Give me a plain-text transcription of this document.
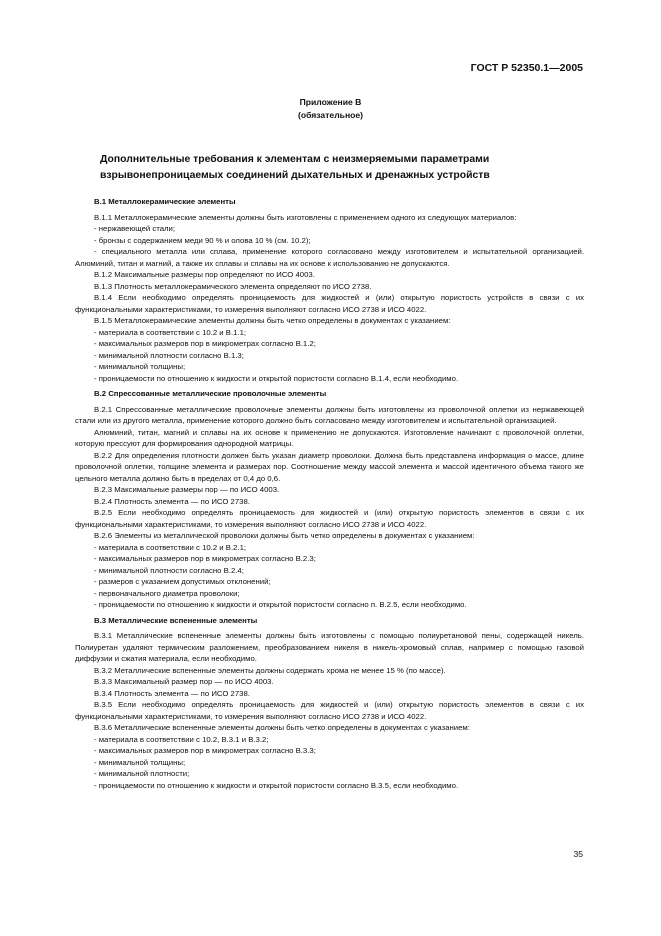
ГОСТ Р 52350.1—2005
Приложение В
(обязательное)
Дополнительные требования к элементам с неизмеряемыми параметрами
взрывонепроницаемых соединений дыхательных и дренажных устройств
В.1 Металлокерамические элементы
В.1.1 Металлокерамические элементы должны быть изготовлены с применением одного из следующих материалов:
- нержавеющей стали;
- бронзы с содержанием меди 90 % и олова 10 % (см. 10.2);
- специального металла или сплава, применение которого согласовано между изготовителем и испытательной организацией. Алюминий, титан и магний, а также их сплавы и сплавы на их основе к использованию не допускаются.
В.1.2 Максимальные размеры пор определяют по ИСО 4003.
В.1.3 Плотность металлокерамического элемента определяют по ИСО 2738.
В.1.4 Если необходимо определять проницаемость для жидкостей и (или) открытую пористость устройств в связи с их функциональными характеристиками, то измерения выполняют согласно ИСО 2738 и ИСО 4022.
В.1.5 Металлокерамические элементы должны быть четко определены в документах с указанием:
- материала в соответствии с 10.2 и В.1.1;
- максимальных размеров пор в микрометрах согласно В.1.2;
- минимальной плотности согласно В.1.3;
- минимальной толщины;
- проницаемости по отношению к жидкости и открытой пористости согласно В.1.4, если необходимо.
В.2 Спрессованные металлические проволочные элементы
В.2.1 Спрессованные металлические проволочные элементы должны быть изготовлены из проволочной оплетки из нержавеющей стали или из другого металла, применение которого должно быть согласовано между изготовителем и испытательной организацией.
Алюминий, титан, магний и сплавы на их основе к применению не допускаются. Изготовление начинают с проволочной оплетки, которую прессуют для формирования однородной матрицы.
В.2.2 Для определения плотности должен быть указан диаметр проволоки. Должна быть представлена информация о массе, длине проволочной оплетки, толщине элемента и размерах пор. Соотношение между массой элемента и массой идентичного объема такого же цельного металла должно быть в пределах от 0,4 до 0,6.
В.2.3 Максимальные размеры пор — по ИСО 4003.
В.2.4 Плотность элемента — по ИСО 2738.
В.2.5 Если необходимо определять проницаемость для жидкостей и (или) открытую пористость элементов в связи с их функциональными характеристиками, то измерения выполняют согласно ИСО 2738 и ИСО 4022.
В.2.6 Элементы из металлической проволоки должны быть четко определены в документах с указанием:
- материала в соответствии с 10.2 и В.2.1;
- максимальных размеров пор в микрометрах согласно В.2.3;
- минимальной плотности согласно В.2.4;
- размеров с указанием допустимых отклонений;
- первоначального диаметра проволоки;
- проницаемости по отношению к жидкости и открытой пористости согласно п. В.2.5, если необходимо.
В.3 Металлические вспененные элементы
В.3.1 Металлические вспененные элементы должны быть изготовлены с помощью полиуретановой пены, содержащей никель. Полиуретан удаляют термическим разложением, преобразованием никеля в никель-хромовый сплав, например с помощью газовой диффузии и сжатия материала, если необходимо.
В.3.2 Металлические вспененные элементы должны содержать хрома не менее 15 % (по массе).
В.3.3 Максимальный размер пор — по ИСО 4003.
В.3.4 Плотность элемента — по ИСО 2738.
В.3.5 Если необходимо определять проницаемость для жидкостей и (или) открытую пористость элементов в связи с их функциональными характеристиками, то измерения выполняют согласно ИСО 2738 и ИСО 4022.
В.3.6 Металлические вспененные элементы должны быть четко определены в документах с указанием:
- материала в соответствии с 10.2, В.3.1 и В.3.2;
- максимальных размеров пор в микрометрах согласно В.3.3;
- минимальной толщины;
- минимальной плотности;
- проницаемости по отношению к жидкости и открытой пористости согласно В.3.5, если необходимо.
35
